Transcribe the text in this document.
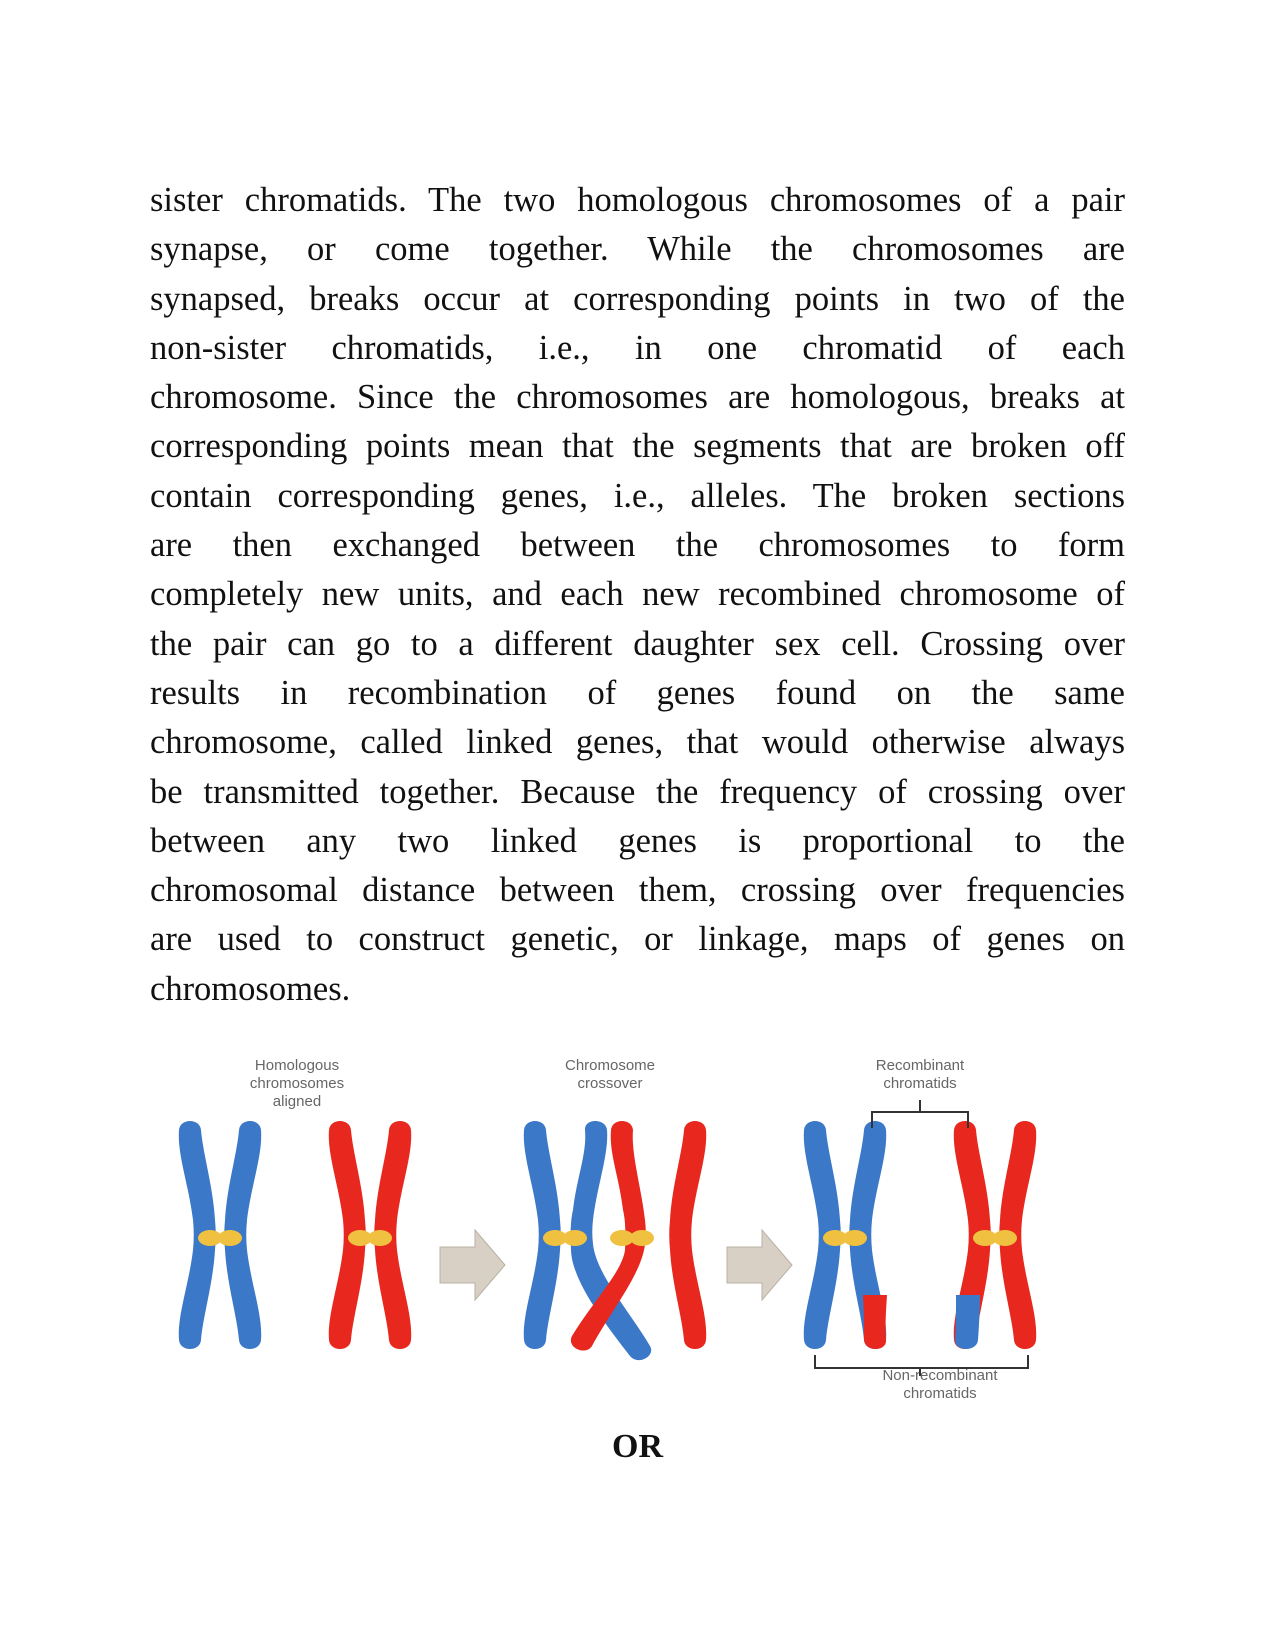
sister chromatids. The two homologous chromosomes of a pair
synapse, or come together. While the chromosomes are
synapsed, breaks occur at corresponding points in two of the
non-sister chromatids, i.e., in one chromatid of each
chromosome. Since the chromosomes are homologous, breaks at
corresponding points mean that the segments that are broken off
contain corresponding genes, i.e., alleles. The broken sections
are then exchanged between the chromosomes to form
completely new units, and each new recombined chromosome of
the pair can go to a different daughter sex cell. Crossing over
results in recombination of genes found on the same
chromosome, called linked genes, that would otherwise always
be transmitted together. Because the frequency of crossing over
between any two linked genes is proportional to the
chromosomal distance between them, crossing over frequencies
are used to construct genetic, or linkage, maps of genes on
chromosomes.
Homologous
chromosomes
aligned
Chromosome
crossover
Recombinant
chromatids
Non-recombinant
chromatids
OR
